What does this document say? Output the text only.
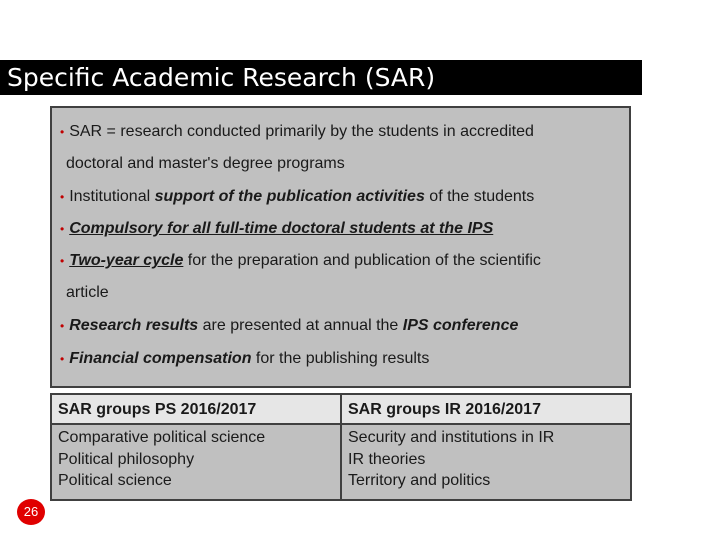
Specific Academic Research (SAR)
• SAR = research conducted primarily by the students in accredited
doctoral and master's degree programs
• Institutional support of the publication activities of the students
• Compulsory for all full-time doctoral students at the IPS
• Two-year cycle for the preparation and publication of the scientific
article
• Research results are presented at annual the IPS conference
• Financial compensation for the publishing results
SAR groups PS 2016/2017	SAR groups IR 2016/2017
Comparative political science
Political philosophy
Political science
Security and institutions in IR
IR theories
Territory and politics
26
